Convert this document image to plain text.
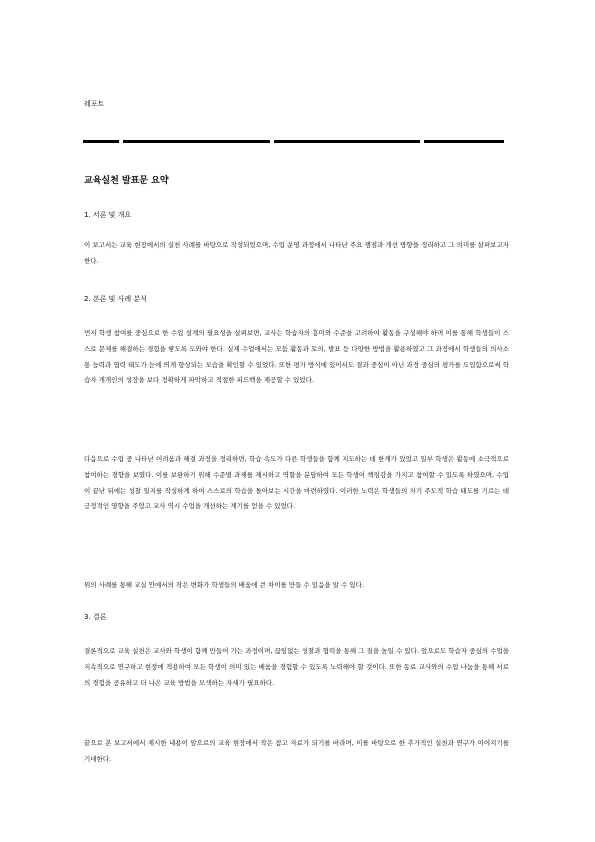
레포트
교육실천 발표문 요약
1. 서론 및 개요

이 보고서는 교육 현장에서의 실천 사례를 바탕으로 작성되었으며, 수업 운영 과정에서 나타난 주요 쟁점과 개선 방향을 정리하고 그 의미를 살펴보고자 한다.

2. 본론 및 사례 분석

먼저 학생 참여를 중심으로 한 수업 설계의 필요성을 살펴보면, 교사는 학습자의 흥미와 수준을 고려하여 활동을 구성해야 하며 이를 통해 학생들이 스스로 문제를 해결하는 경험을 쌓도록 도와야 한다. 실제 수업에서는 모둠 활동과 토의, 발표 등 다양한 방법을 활용하였고 그 과정에서 학생들의 의사소통 능력과 협력 태도가 눈에 띄게 향상되는 모습을 확인할 수 있었다. 또한 평가 방식에 있어서도 결과 중심이 아닌 과정 중심의 평가를 도입함으로써 학습자 개개인의 성장을 보다 정확하게 파악하고 적절한 피드백을 제공할 수 있었다.

다음으로 수업 중 나타난 어려움과 해결 과정을 정리하면, 학습 속도가 다른 학생들을 함께 지도하는 데 한계가 있었고 일부 학생은 활동에 소극적으로 참여하는 경향을 보였다. 이를 보완하기 위해 수준별 과제를 제시하고 역할을 분담하여 모든 학생이 책임감을 가지고 참여할 수 있도록 하였으며, 수업이 끝난 뒤에는 성찰 일지를 작성하게 하여 스스로의 학습을 돌아보는 시간을 마련하였다. 이러한 노력은 학생들의 자기 주도적 학습 태도를 기르는 데 긍정적인 영향을 주었고 교사 역시 수업을 개선하는 계기를 얻을 수 있었다.

위의 사례를 통해 교실 안에서의 작은 변화가 학생들의 배움에 큰 차이를 만들 수 있음을 알 수 있다.

3. 결론

결론적으로 교육 실천은 교사와 학생이 함께 만들어 가는 과정이며, 끊임없는 성찰과 협력을 통해 그 질을 높일 수 있다. 앞으로도 학습자 중심의 수업을 지속적으로 연구하고 현장에 적용하여 모든 학생이 의미 있는 배움을 경험할 수 있도록 노력해야 할 것이다. 또한 동료 교사와의 수업 나눔을 통해 서로의 경험을 공유하고 더 나은 교육 방법을 모색하는 자세가 필요하다.

끝으로 본 보고서에서 제시한 내용이 앞으로의 교육 현장에서 작은 참고 자료가 되기를 바라며, 이를 바탕으로 한 추가적인 실천과 연구가 이어지기를 기대한다.
